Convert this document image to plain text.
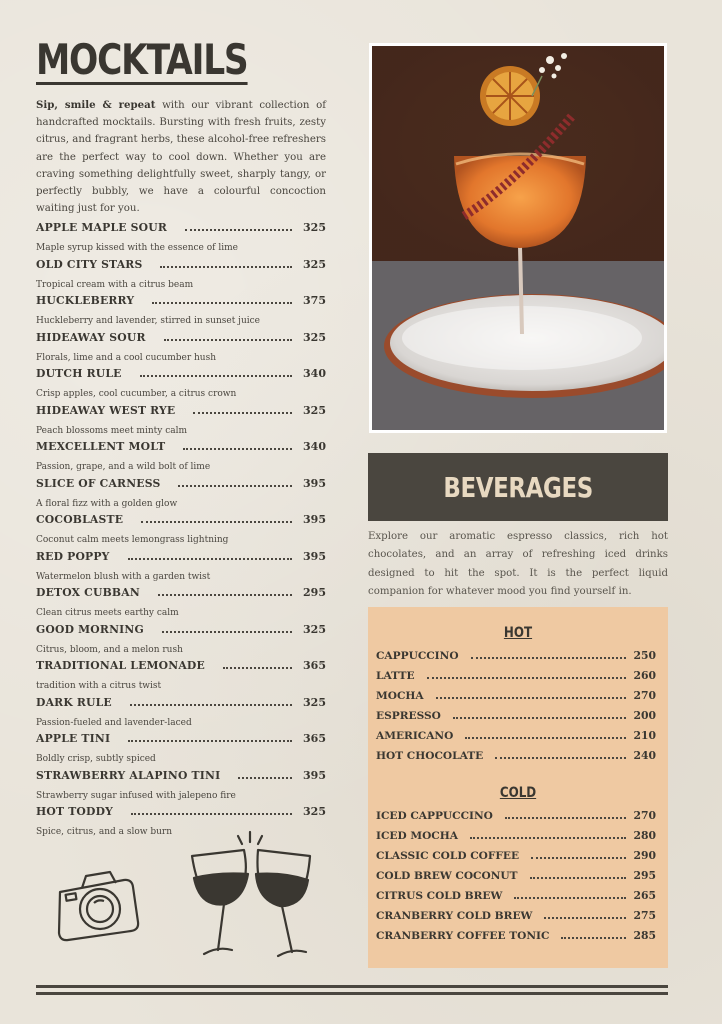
MOCKTAILS
Sip, smile & repeat with our vibrant collection of handcrafted mocktails. Bursting with fresh fruits, zesty citrus, and fragrant herbs, these alcohol-free refreshers are the perfect way to cool down. Whether you are craving something delightfully sweet, sharply tangy, or perfectly bubbly, we have a colourful concoction waiting just for you.
APPLE MAPLE SOUR	325
Maple syrup kissed with the essence of lime
OLD CITY STARS	325
Tropical cream with a citrus beam
HUCKLEBERRY	375
Huckleberry and lavender, stirred in sunset juice
HIDEAWAY SOUR	325
Florals, lime and a cool cucumber hush
DUTCH RULE	340
Crisp apples, cool cucumber, a citrus crown
HIDEAWAY WEST RYE	325
Peach blossoms meet minty calm
MEXCELLENT MOLT	340
Passion, grape, and a wild bolt of lime
SLICE OF CARNESS	395
A floral fizz with a golden glow
COCOBLASTE	395
Coconut calm meets lemongrass lightning
RED POPPY	395
Watermelon blush with a garden twist
DETOX CUBBAN	295
Clean citrus meets earthy calm
GOOD MORNING	325
Citrus, bloom, and a melon rush
TRADITIONAL LEMONADE	365
tradition with a citrus twist
DARK RULE	325
Passion-fueled and lavender-laced
APPLE TINI	365
Boldly crisp, subtly spiced
STRAWBERRY ALAPINO TINI	395
Strawberry sugar infused with jalepeno fire
HOT TODDY	325
Spice, citrus, and a slow burn
BEVERAGES
Explore our aromatic espresso classics, rich hot chocolates, and an array of refreshing iced drinks designed to hit the spot. It is the perfect liquid companion for whatever mood you find yourself in.
HOT
CAPPUCCINO	250
LATTE	260
MOCHA	270
ESPRESSO	200
AMERICANO	210
HOT CHOCOLATE	240
COLD
ICED CAPPUCCINO	270
ICED MOCHA	280
CLASSIC COLD COFFEE	290
COLD BREW COCONUT	295
CITRUS COLD BREW	265
CRANBERRY COLD BREW	275
CRANBERRY COFFEE TONIC	285
